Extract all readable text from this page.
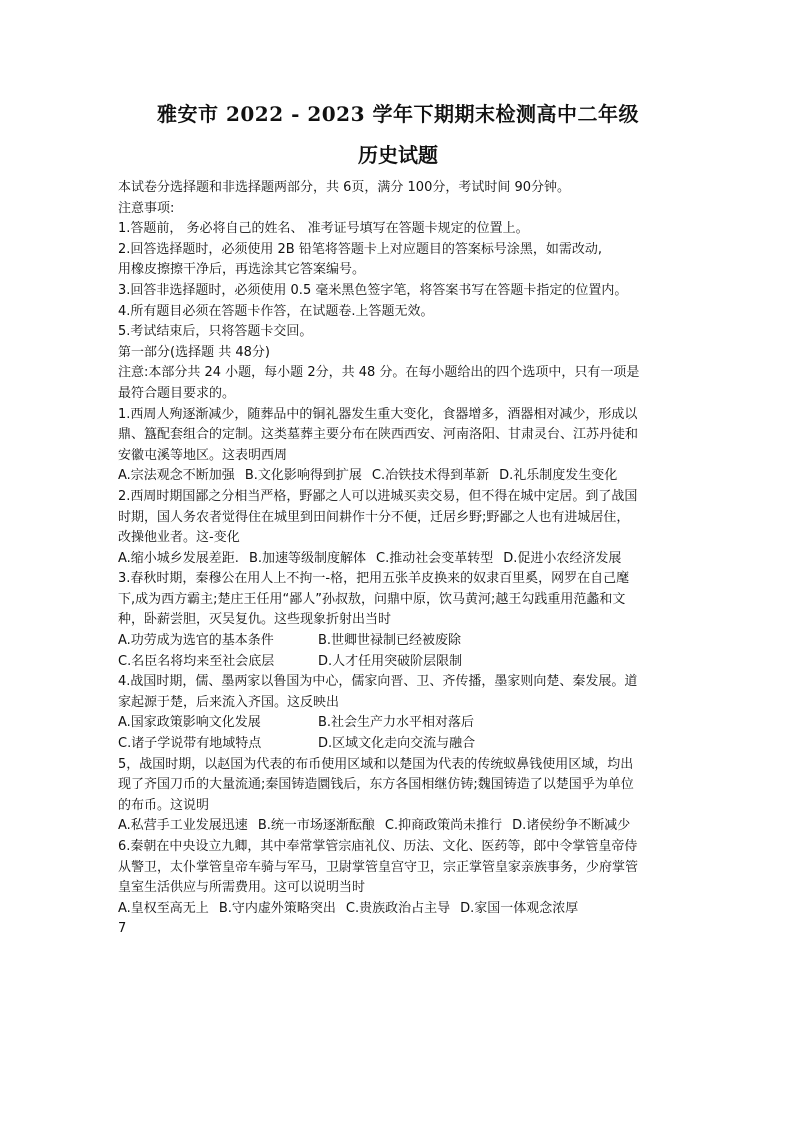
雅安市 2022 - 2023 学年下期期末检测高中二年级
历史试题

本试卷分选择题和非选择题两部分，共 6页，满分 100分，考试时间 90分钟。

注意事项:

1.答题前， 务必将自己的姓名、 准考证号填写在答题卡规定的位置上。

2.回答选择题时，必须使用 2B 铅笔将答题卡上对应题目的答案标号涂黑，如需改动,

用橡皮擦擦干净后，再选涂其它答案编号。

3.回答非选择题时，必须使用 0.5 毫米黑色签字笔，将答案书写在答题卡指定的位置内。

4.所有题目必须在答题卡作答，在试题卷.上答题无效。

5.考试结束后，只将答题卡交回。

第一部分(选择题 共 48分)

注意:本部分共 24 小题，每小题 2分，共 48 分。在每小题给出的四个选项中，只有一项是

最符合题目要求的。

1.西周人殉逐渐减少，随葬品中的铜礼器发生重大变化，食器增多，酒器相对减少，形成以

鼎、簋配套组合的定制。这类墓葬主要分布在陕西西安、河南洛阳、甘肃灵台、江苏丹徒和

安徽屯溪等地区。这表明西周

A.宗法观念不断加强 B.文化影响得到扩展 C.冶铁技术得到革新 D.礼乐制度发生变化

2.西周时期国鄙之分相当严格，野鄙之人可以进城买卖交易，但不得在城中定居。到了战国

时期，国人务农者觉得住在城里到田间耕作十分不便，迁居乡野;野鄙之人也有进城居住，

改操他业者。这-变化

A.缩小城乡发展差距. B.加速等级制度解体 C.推动社会变革转型 D.促进小农经济发展

3.春秋时期，秦穆公在用人上不拘一-格，把用五张羊皮换来的奴隶百里奚，网罗在自己麾

下,成为西方霸主;楚庄王任用“鄙人”孙叔敖，问鼎中原，饮马黄河;越王勾践重用范蠡和文

种，卧薪尝胆，灭吴复仇。这些现象折射出当时

A.功劳成为选官的基本条件	B.世卿世禄制已经被废除
C.名臣名将均来至社会底层	D.人才任用突破阶层限制

4.战国时期，儒、墨两家以鲁国为中心，儒家向晋、卫、齐传播，墨家则向楚、秦发展。道

家起源于楚，后来流入齐国。这反映出

A.国家政策影响文化发展	B.社会生产力水平相对落后
C.诸子学说带有地域特点	D.区域文化走向交流与融合

5，战国时期，以赵国为代表的布币使用区域和以楚国为代表的传统蚁鼻钱使用区域，均出

现了齐国刀币的大量流通;秦国铸造圜钱后，东方各国相继仿铸;魏国铸造了以楚国乎为单位

的布币。这说明

A.私营手工业发展迅速 B.统一市场逐渐酝酿 C.抑商政策尚未推行 D.诸侯纷争不断减少

6.秦朝在中央设立九卿，其中奉常掌管宗庙礼仪、历法、文化、医药等，郎中令掌管皇帝侍

从警卫，太仆掌管皇帝车骑与军马，卫尉掌管皇宫守卫，宗正掌管皇家亲族事务，少府掌管

皇室生活供应与所需费用。这可以说明当时

A.皇权至高无上 B.守内虚外策略突出 C.贵族政治占主导 D.家国一体观念浓厚

7
